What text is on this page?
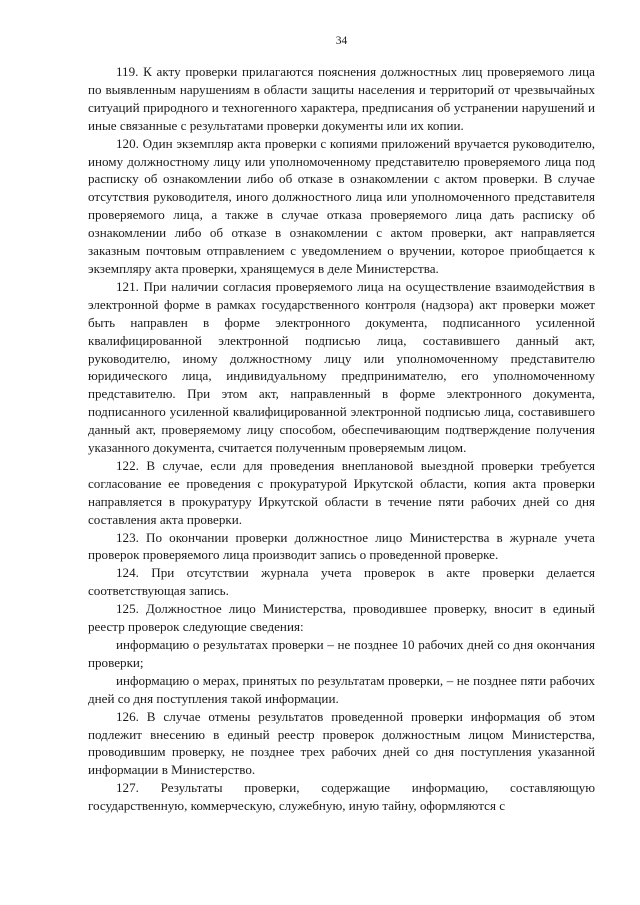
34

119. К акту проверки прилагаются пояснения должностных лиц проверяемого лица по выявленным нарушениям в области защиты населения и территорий от чрезвычайных ситуаций природного и техногенного характера, предписания об устранении нарушений и иные связанные с результатами проверки документы или их копии.

120. Один экземпляр акта проверки с копиями приложений вручается руководителю, иному должностному лицу или уполномоченному представителю проверяемого лица под расписку об ознакомлении либо об отказе в ознакомлении с актом проверки. В случае отсутствия руководителя, иного должностного лица или уполномоченного представителя проверяемого лица, а также в случае отказа проверяемого лица дать расписку об ознакомлении либо об отказе в ознакомлении с актом проверки, акт направляется заказным почтовым отправлением с уведомлением о вручении, которое приобщается к экземпляру акта проверки, хранящемуся в деле Министерства.

121. При наличии согласия проверяемого лица на осуществление взаимодействия в электронной форме в рамках государственного контроля (надзора) акт проверки может быть направлен в форме электронного документа, подписанного усиленной квалифицированной электронной подписью лица, составившего данный акт, руководителю, иному должностному лицу или уполномоченному представителю юридического лица, индивидуальному предпринимателю, его уполномоченному представителю. При этом акт, направленный в форме электронного документа, подписанного усиленной квалифицированной электронной подписью лица, составившего данный акт, проверяемому лицу способом, обеспечивающим подтверждение получения указанного документа, считается полученным проверяемым лицом.

122. В случае, если для проведения внеплановой выездной проверки требуется согласование ее проведения с прокуратурой Иркутской области, копия акта проверки направляется в прокуратуру Иркутской области в течение пяти рабочих дней со дня составления акта проверки.

123. По окончании проверки должностное лицо Министерства в журнале учета проверок проверяемого лица производит запись о проведенной проверке.

124. При отсутствии журнала учета проверок в акте проверки делается соответствующая запись.

125. Должностное лицо Министерства, проводившее проверку, вносит в единый реестр проверок следующие сведения:

информацию о результатах проверки – не позднее 10 рабочих дней со дня окончания проверки;

информацию о мерах, принятых по результатам проверки, – не позднее пяти рабочих дней со дня поступления такой информации.

126. В случае отмены результатов проведенной проверки информация об этом подлежит внесению в единый реестр проверок должностным лицом Министерства, проводившим проверку, не позднее трех рабочих дней со дня поступления указанной информации в Министерство.

127. Результаты проверки, содержащие информацию, составляющую государственную, коммерческую, служебную, иную тайну, оформляются с
